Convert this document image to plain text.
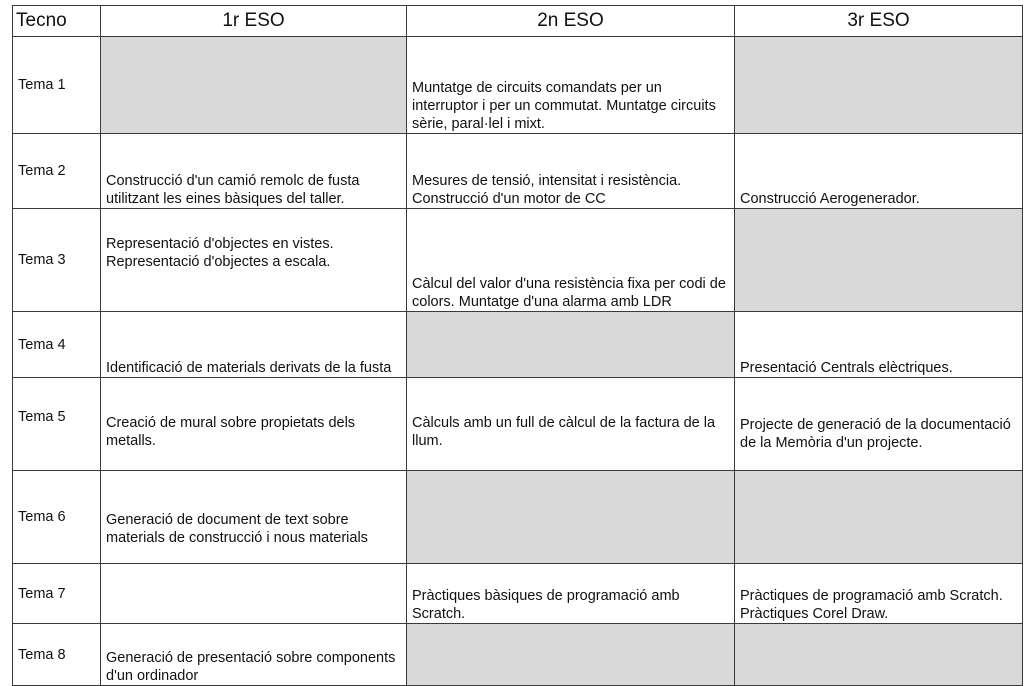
Tecno	1r ESO	2n ESO	3r ESO
Tema 1		Muntatge de circuits comandats per un interruptor i per un commutat. Muntatge circuits sèrie, paral·lel i mixt.	
Tema 2	Construcció d'un camió remolc de fusta utilitzant les eines bàsiques del taller.	Mesures de tensió, intensitat i resistència. Construcció d'un motor de CC	Construcció Aerogenerador.
Tema 3	Representació d'objectes en vistes. Representació d'objectes a escala.	Càlcul del valor d'una resistència fixa per codi de colors. Muntatge d'una alarma amb LDR	
Tema 4	Identificació de materials derivats de la fusta		Presentació Centrals elèctriques.
Tema 5	Creació de mural sobre propietats dels metalls.	Càlculs amb un full de càlcul de la factura de la llum.	Projecte de generació de la documentació de la Memòria d'un projecte.
Tema 6	Generació de document de text sobre materials de construcció i nous materials		
Tema 7		Pràctiques bàsiques de programació amb Scratch.	Pràctiques de programació amb Scratch. Pràctiques Corel Draw.
Tema 8	Generació de presentació sobre components d'un ordinador		
